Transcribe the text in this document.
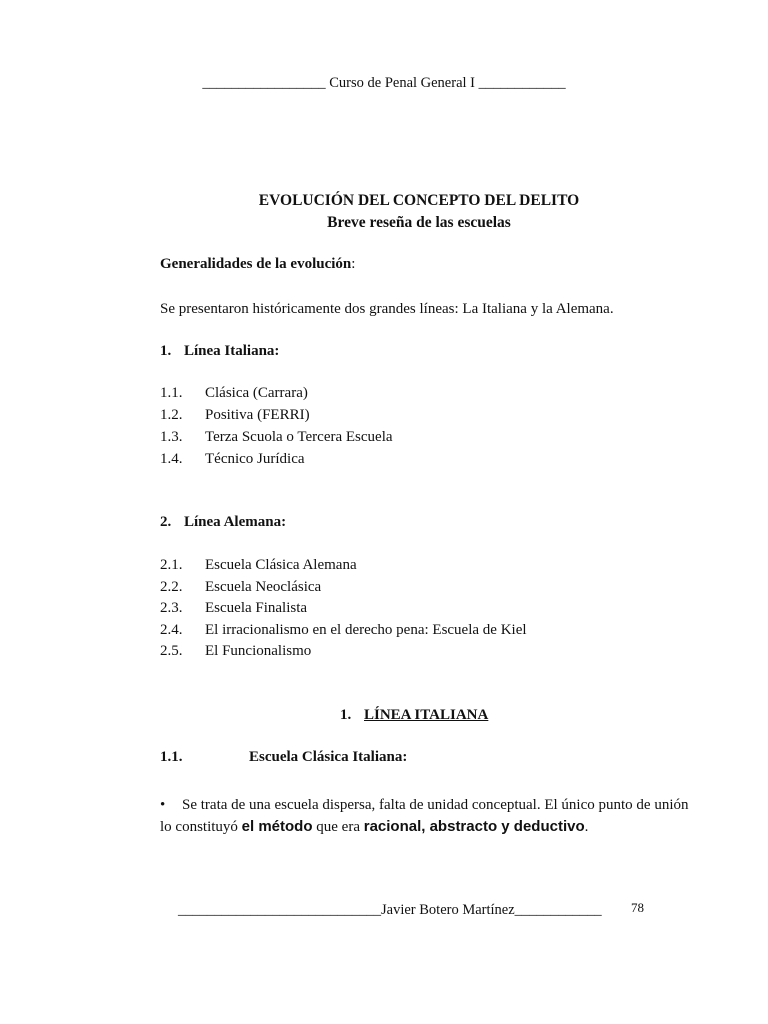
_________________ Curso de Penal General I ____________
EVOLUCIÓN DEL CONCEPTO DEL DELITO
Breve reseña de las escuelas
Generalidades de la evolución:
Se presentaron históricamente dos grandes líneas: La Italiana y la Alemana.
1. Línea Italiana:
1.1. Clásica (Carrara)
1.2. Positiva (FERRI)
1.3. Terza Scuola o Tercera Escuela
1.4. Técnico Jurídica
2. Línea Alemana:
2.1. Escuela Clásica Alemana
2.2. Escuela Neoclásica
2.3. Escuela Finalista
2.4. El irracionalismo en el derecho pena: Escuela de Kiel
2.5. El Funcionalismo
1. LÍNEA ITALIANA
1.1.	Escuela Clásica Italiana:
• Se trata de una escuela dispersa, falta de unidad conceptual. El único punto de unión lo constituyó el método que era racional, abstracto y deductivo.
____________________________Javier Botero Martínez____________ 78
